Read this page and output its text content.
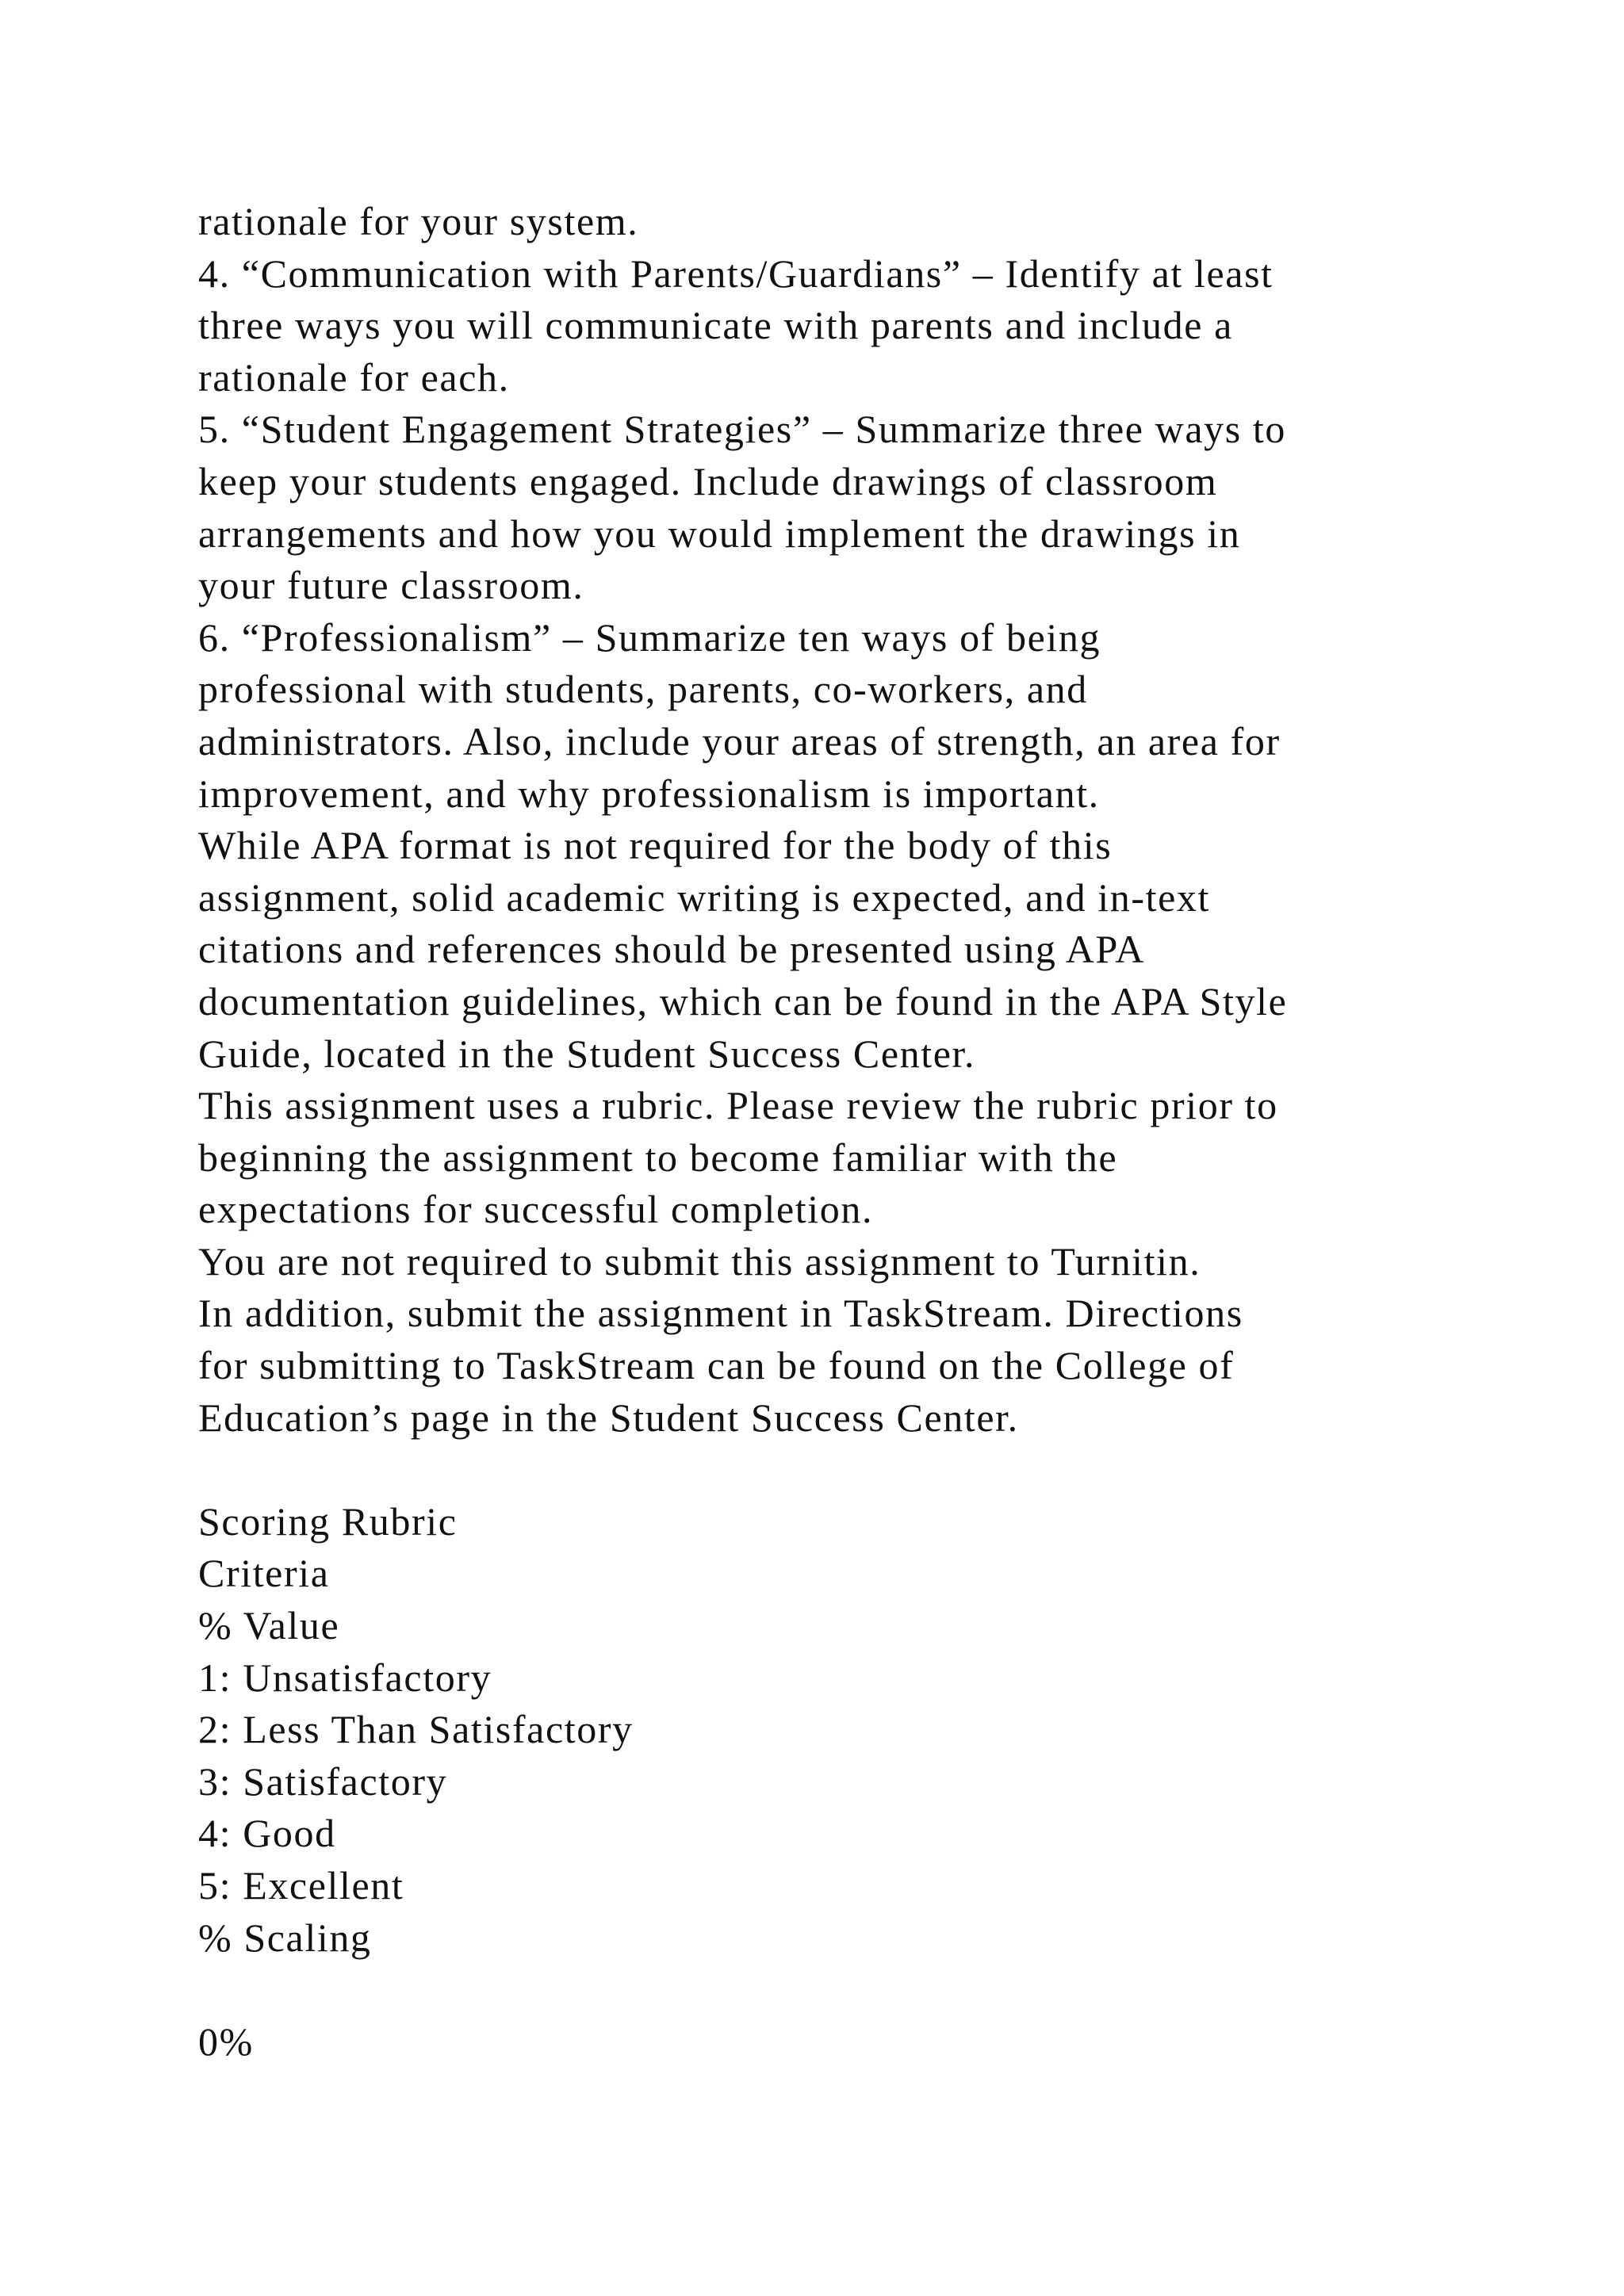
rationale for your system.
4. “Communication with Parents/Guardians” – Identify at least
three ways you will communicate with parents and include a
rationale for each.
5. “Student Engagement Strategies” – Summarize three ways to
keep your students engaged. Include drawings of classroom
arrangements and how you would implement the drawings in
your future classroom.
6. “Professionalism” – Summarize ten ways of being
professional with students, parents, co-workers, and
administrators. Also, include your areas of strength, an area for
improvement, and why professionalism is important.
While APA format is not required for the body of this
assignment, solid academic writing is expected, and in-text
citations and references should be presented using APA
documentation guidelines, which can be found in the APA Style
Guide, located in the Student Success Center.
This assignment uses a rubric. Please review the rubric prior to
beginning the assignment to become familiar with the
expectations for successful completion.
You are not required to submit this assignment to Turnitin.
In addition, submit the assignment in TaskStream. Directions
for submitting to TaskStream can be found on the College of
Education’s page in the Student Success Center.
Scoring Rubric
Criteria
% Value
1: Unsatisfactory
2: Less Than Satisfactory
3: Satisfactory
4: Good
5: Excellent
% Scaling
0%
